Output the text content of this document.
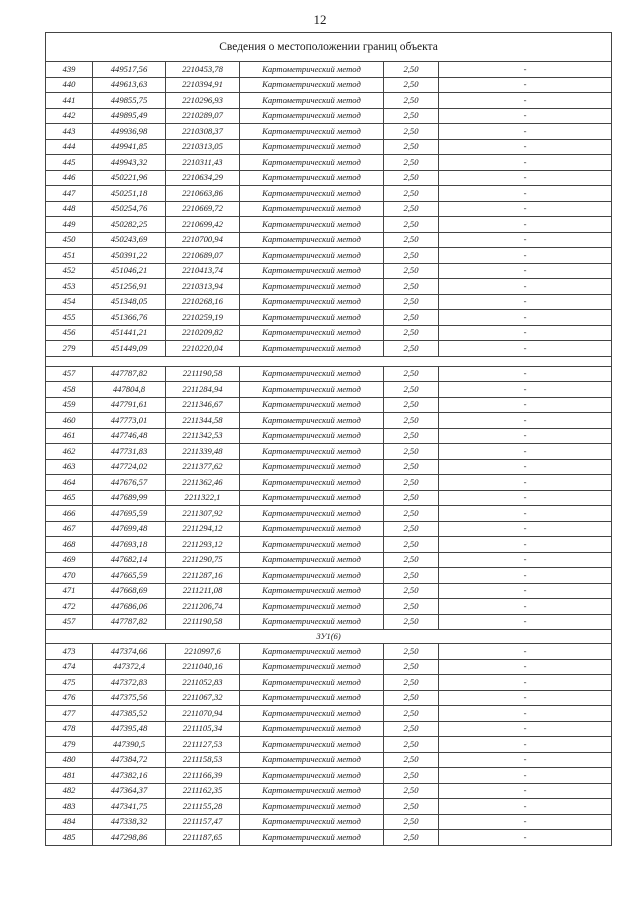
12
Сведения о местоположении границ объекта					
439	449517,56	2210453,78	Картометрический метод	2,50	-
440	449613,63	2210394,91	Картометрический метод	2,50	-
441	449855,75	2210296,93	Картометрический метод	2,50	-
442	449895,49	2210289,07	Картометрический метод	2,50	-
443	449936,98	2210308,37	Картометрический метод	2,50	-
444	449941,85	2210313,05	Картометрический метод	2,50	-
445	449943,32	2210311,43	Картометрический метод	2,50	-
446	450221,96	2210634,29	Картометрический метод	2,50	-
447	450251,18	2210663,86	Картометрический метод	2,50	-
448	450254,76	2210669,72	Картометрический метод	2,50	-
449	450282,25	2210699,42	Картометрический метод	2,50	-
450	450243,69	2210700,94	Картометрический метод	2,50	-
451	450391,22	2210689,07	Картометрический метод	2,50	-
452	451046,21	2210413,74	Картометрический метод	2,50	-
453	451256,91	2210313,94	Картометрический метод	2,50	-
454	451348,05	2210268,16	Картометрический метод	2,50	-
455	451366,76	2210259,19	Картометрический метод	2,50	-
456	451441,21	2210209,82	Картометрический метод	2,50	-
279	451449,09	2210220,04	Картометрический метод	2,50	-

457	447787,82	2211190,58	Картометрический метод	2,50	-
458	447804,8	2211284,94	Картометрический метод	2,50	-
459	447791,61	2211346,67	Картометрический метод	2,50	-
460	447773,01	2211344,58	Картометрический метод	2,50	-
461	447746,48	2211342,53	Картометрический метод	2,50	-
462	447731,83	2211339,48	Картометрический метод	2,50	-
463	447724,02	2211377,62	Картометрический метод	2,50	-
464	447676,57	2211362,46	Картометрический метод	2,50	-
465	447689,99	2211322,1	Картометрический метод	2,50	-
466	447695,59	2211307,92	Картометрический метод	2,50	-
467	447699,48	2211294,12	Картометрический метод	2,50	-
468	447693,18	2211293,12	Картометрический метод	2,50	-
469	447682,14	2211290,75	Картометрический метод	2,50	-
470	447665,59	2211287,16	Картометрический метод	2,50	-
471	447668,69	2211211,08	Картометрический метод	2,50	-
472	447686,06	2211206,74	Картометрический метод	2,50	-
457	447787,82	2211190,58	Картометрический метод	2,50	-
3У1(6)					
473	447374,66	2210997,6	Картометрический метод	2,50	-
474	447372,4	2211040,16	Картометрический метод	2,50	-
475	447372,83	2211052,83	Картометрический метод	2,50	-
476	447375,56	2211067,32	Картометрический метод	2,50	-
477	447385,52	2211070,94	Картометрический метод	2,50	-
478	447395,48	2211105,34	Картометрический метод	2,50	-
479	447390,5	2211127,53	Картометрический метод	2,50	-
480	447384,72	2211158,53	Картометрический метод	2,50	-
481	447382,16	2211166,39	Картометрический метод	2,50	-
482	447364,37	2211162,35	Картометрический метод	2,50	-
483	447341,75	2211155,28	Картометрический метод	2,50	-
484	447338,32	2211157,47	Картометрический метод	2,50	-
485	447298,86	2211187,65	Картометрический метод	2,50	-
